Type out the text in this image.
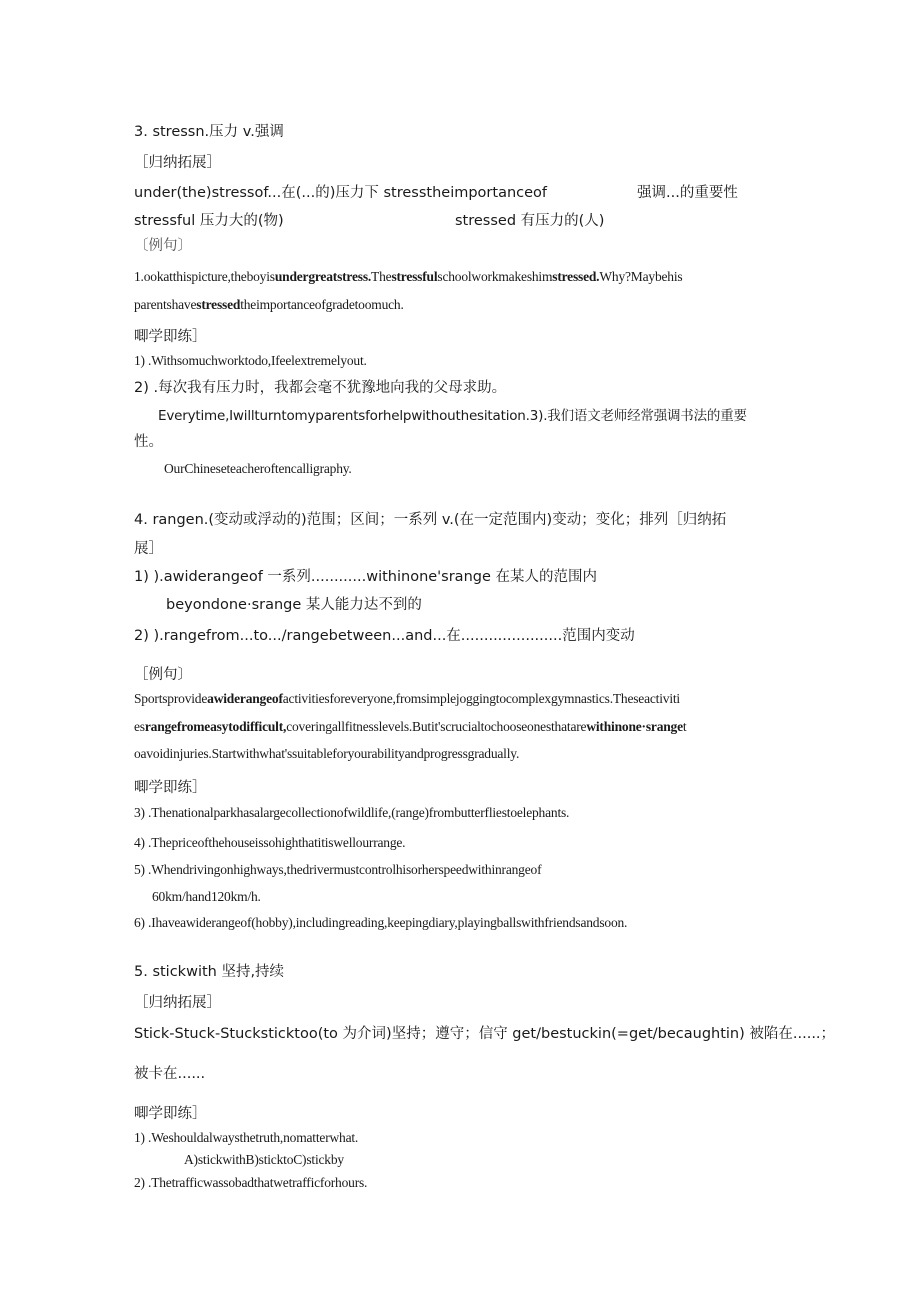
3. stressn.压力 v.强调
［归纳拓展］
under(the)stressof...在(...的)压力下 stresstheimportanceof	强调...的重要性
stressful 压力大的(物)	stressed 有压力的(人)
〔例句〕
1.ookatthispicture,theboyisundergreatstress.Thestressfulschoolworkmakeshimstressed.Why?Maybehis
parentshavestressedtheimportanceofgradetoomuch.
唧学即练］
1) .Withsomuchworktodo,Ifeelextremelyout.
2) .每次我有压力时，我都会毫不犹豫地向我的父母求助。
Everytime,Iwillturntomyparentsforhelpwithouthesitation.3).我们语文老师经常强调书法的重要
性。
OurChineseteacheroftencalligraphy.
4. rangen.(变动或浮动的)范围；区间；一系列 v.(在一定范围内)变动；变化；排列［归纳拓
展］
1) ).awiderangeof 一系列............withinone'srange 在某人的范围内
beyondone·srange 某人能力达不到的
2) ).rangefrom...to.../rangebetween...and...在......................范围内变动
［例句〕
Sportsprovideawiderangeofactivitiesforeveryone,fromsimplejoggingtocomplexgymnastics.Theseactiviti
esrangefromeasytodifficult,coveringallfitnesslevels.Butit'scrucialtochooseonesthatarewithinone·sranget
oavoidinjuries.Startwithwhat'ssuitableforyourabilityandprogressgradually.
唧学即练］
3) .Thenationalparkhasalargecollectionofwildlife,(range)frombutterfliestoelephants.
4) .Thepriceofthehouseissohighthatitiswellourrange.
5) .Whendrivingonhighways,thedrivermustcontrolhisorherspeedwithinrangeof
60km/hand120km/h.
6) .Ihaveawiderangeof(hobby),includingreading,keepingdiary,playingballswithfriendsandsoon.
5. stickwith 坚持,持续
［归纳拓展］
Stick-Stuck-Stucksticktoo(to 为介词)坚持；遵守；信守 get/bestuckin(=get/becaughtin) 被陷在......；
被卡在......
唧学即练］
1) .Weshouldalwaysthetruth,nomatterwhat.
A)stickwithB)sticktoC)stickby
2) .Thetrafficwassobadthatwetrafficforhours.
